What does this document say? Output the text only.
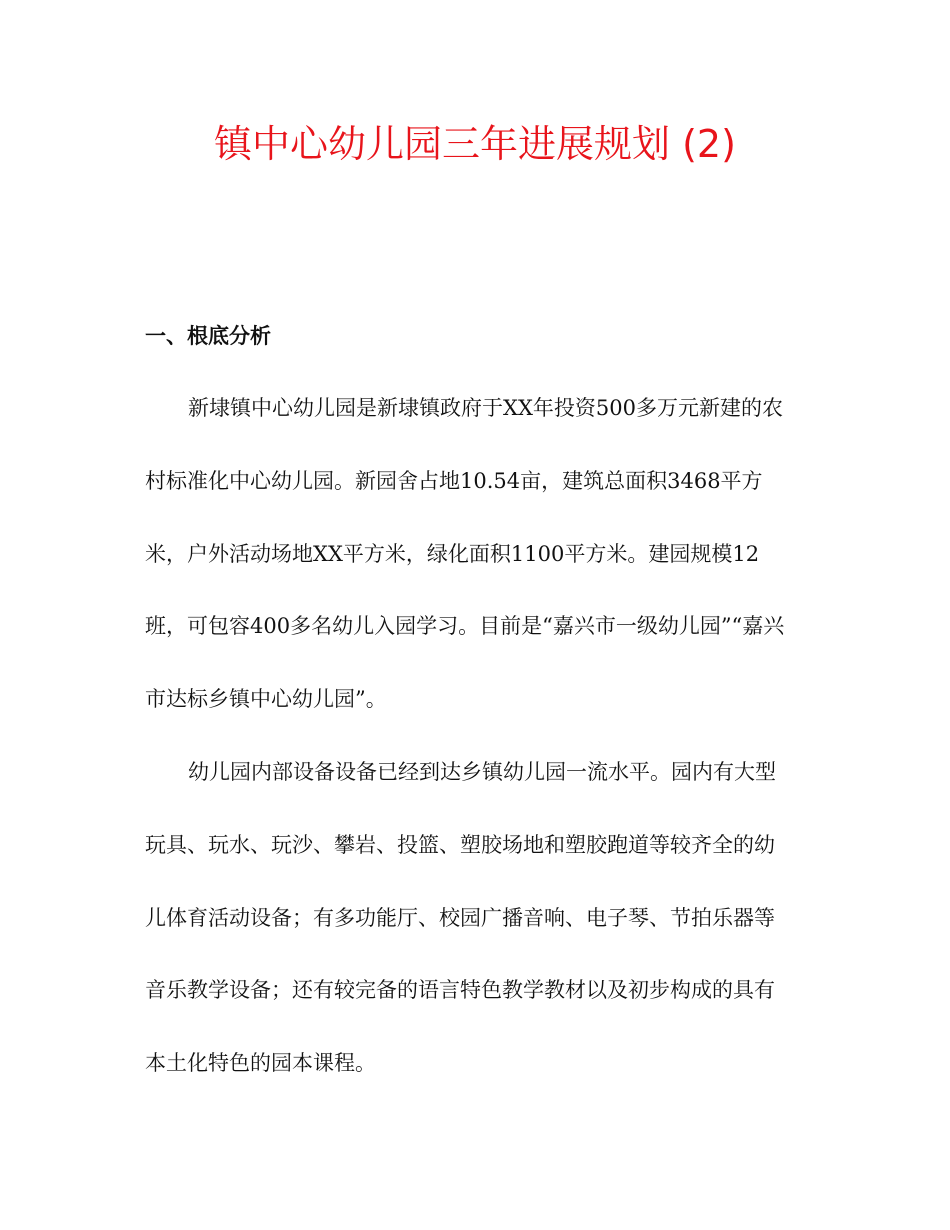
镇中心幼儿园三年进展规划 (2)
一、根底分析
新埭镇中心幼儿园是新埭镇政府于XX年投资500多万元新建的农
村标准化中心幼儿园。新园舍占地10.54亩，建筑总面积3468平方
米，户外活动场地XX平方米，绿化面积1100平方米。建园规模12
班，可包容400多名幼儿入园学习。目前是“嘉兴市一级幼儿园”“嘉兴
市达标乡镇中心幼儿园”。
幼儿园内部设备设备已经到达乡镇幼儿园一流水平。园内有大型
玩具、玩水、玩沙、攀岩、投篮、塑胶场地和塑胶跑道等较齐全的幼
儿体育活动设备；有多功能厅、校园广播音响、电子琴、节拍乐器等
音乐教学设备；还有较完备的语言特色教学教材以及初步构成的具有
本土化特色的园本课程。
